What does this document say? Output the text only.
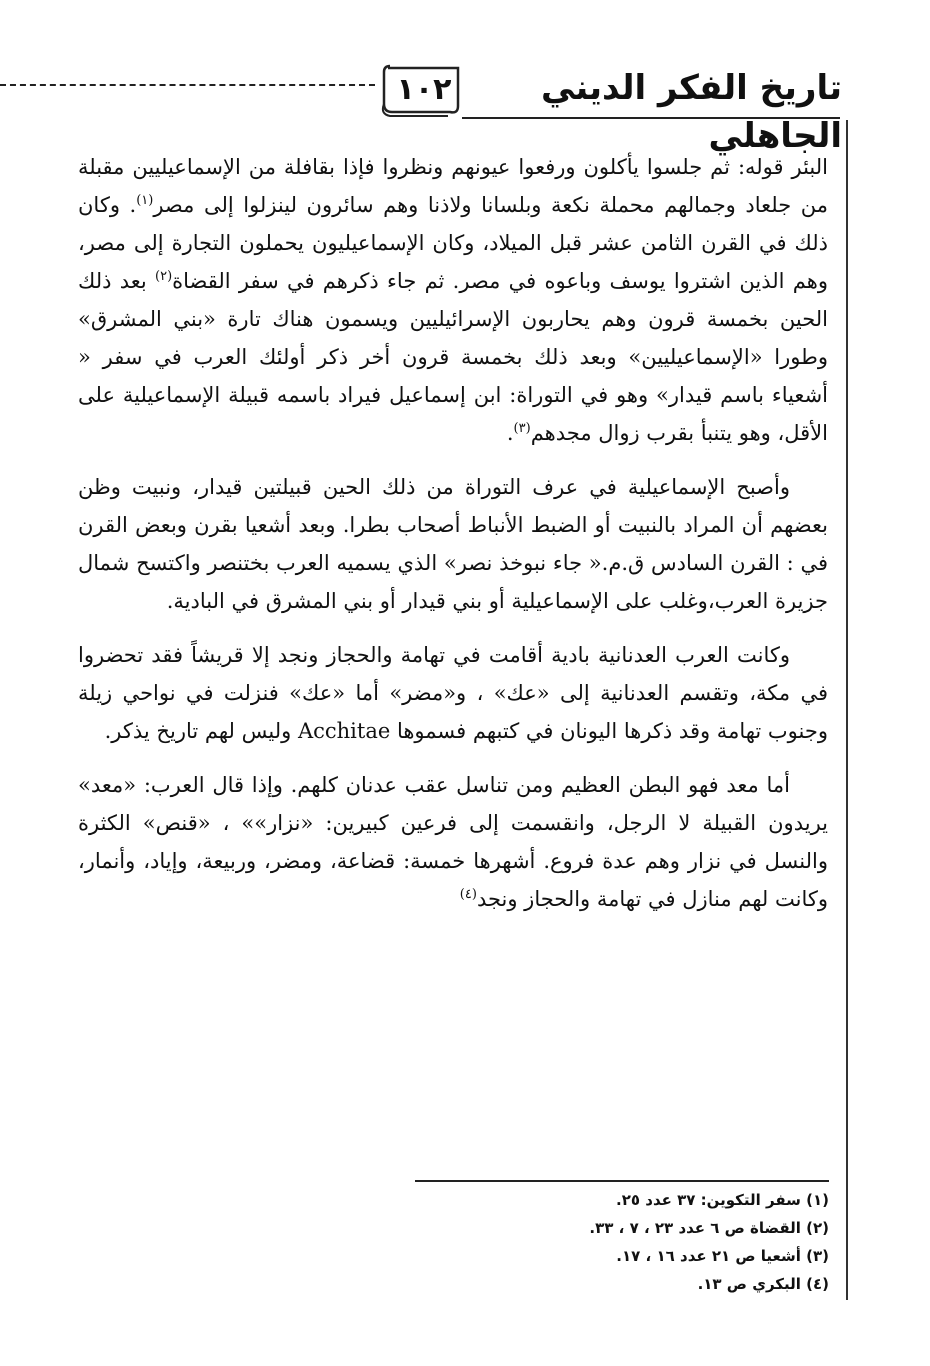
١٠٢	تاريخ الفكر الديني الجاهلي

البئر قوله: ثم جلسوا يأكلون ورفعوا عيونهم ونظروا فإذا بقافلة من الإسماعيليين مقبلة من جلعاد وجمالهم محملة نكعة وبلسانا ولاذنا وهم سائرون لينزلوا إلى مصر$^{(١)}$. وكان ذلك في القرن الثامن عشر قبل الميلاد، وكان الإسماعيليون يحملون التجارة إلى مصر، وهم الذين اشتروا يوسف وباعوه في مصر. ثم جاء ذكرهم في سفر القضاة$^{(٢)}$ بعد ذلك الحين بخمسة قرون وهم يحاربون الإسرائيليين ويسمون هناك تارة «بني المشرق» وطورا «الإسماعيليين» وبعد ذلك بخمسة قرون أخر ذكر أولئك العرب في سفر « أشعياء باسم قيدار» وهو في التوراة: ابن إسماعيل فيراد باسمه قبيلة الإسماعيلية على الأقل، وهو يتنبأ بقرب زوال مجدهم$^{(٣)}$.

وأصبح الإسماعيلية في عرف التوراة من ذلك الحين قبيلتين قيدار، ونبيت وظن بعضهم أن المراد بالنبيت أو الضبط الأنباط أصحاب بطرا. وبعد أشعيا بقرن وبعض القرن في : القرن السادس ق.م.« جاء نبوخذ نصر» الذي يسميه العرب بختنصر واكتسح شمال جزيرة العرب،وغلب على الإسماعيلية أو بني قيدار أو بني المشرق في البادية.

وكانت العرب العدنانية بادية أقامت في تهامة والحجاز ونجد إلا قريشاً فقد تحضروا في مكة، وتقسم العدنانية إلى «عك» ، و«مضر» أما «عك» فنزلت في نواحي زيلة وجنوب تهامة وقد ذكرها اليونان في كتبهم فسموها Acchitae وليس لهم تاريخ يذكر.

أما معد فهو البطن العظيم ومن تناسل عقب عدنان كلهم. وإذا قال العرب: «معد» يريدون القبيلة لا الرجل، وانقسمت إلى فرعين كبيرين: «نزار»» ، «قنص» الكثرة والنسل في نزار وهم عدة فروع. أشهرها خمسة: قضاعة، ومضر، وربيعة، وإياد، وأنمار، وكانت لهم منازل في تهامة والحجاز ونجد$^{(٤)}$

(١) سفر التكوين: ٣٧ عدد ٢٥.

(٢) القضاة ص ٦ عدد ٢٣ ، ٧ ، ٣٣.

(٣) أشعيا ص ٢١ عدد ١٦ ، ١٧.

(٤) البكري ص ١٣.
